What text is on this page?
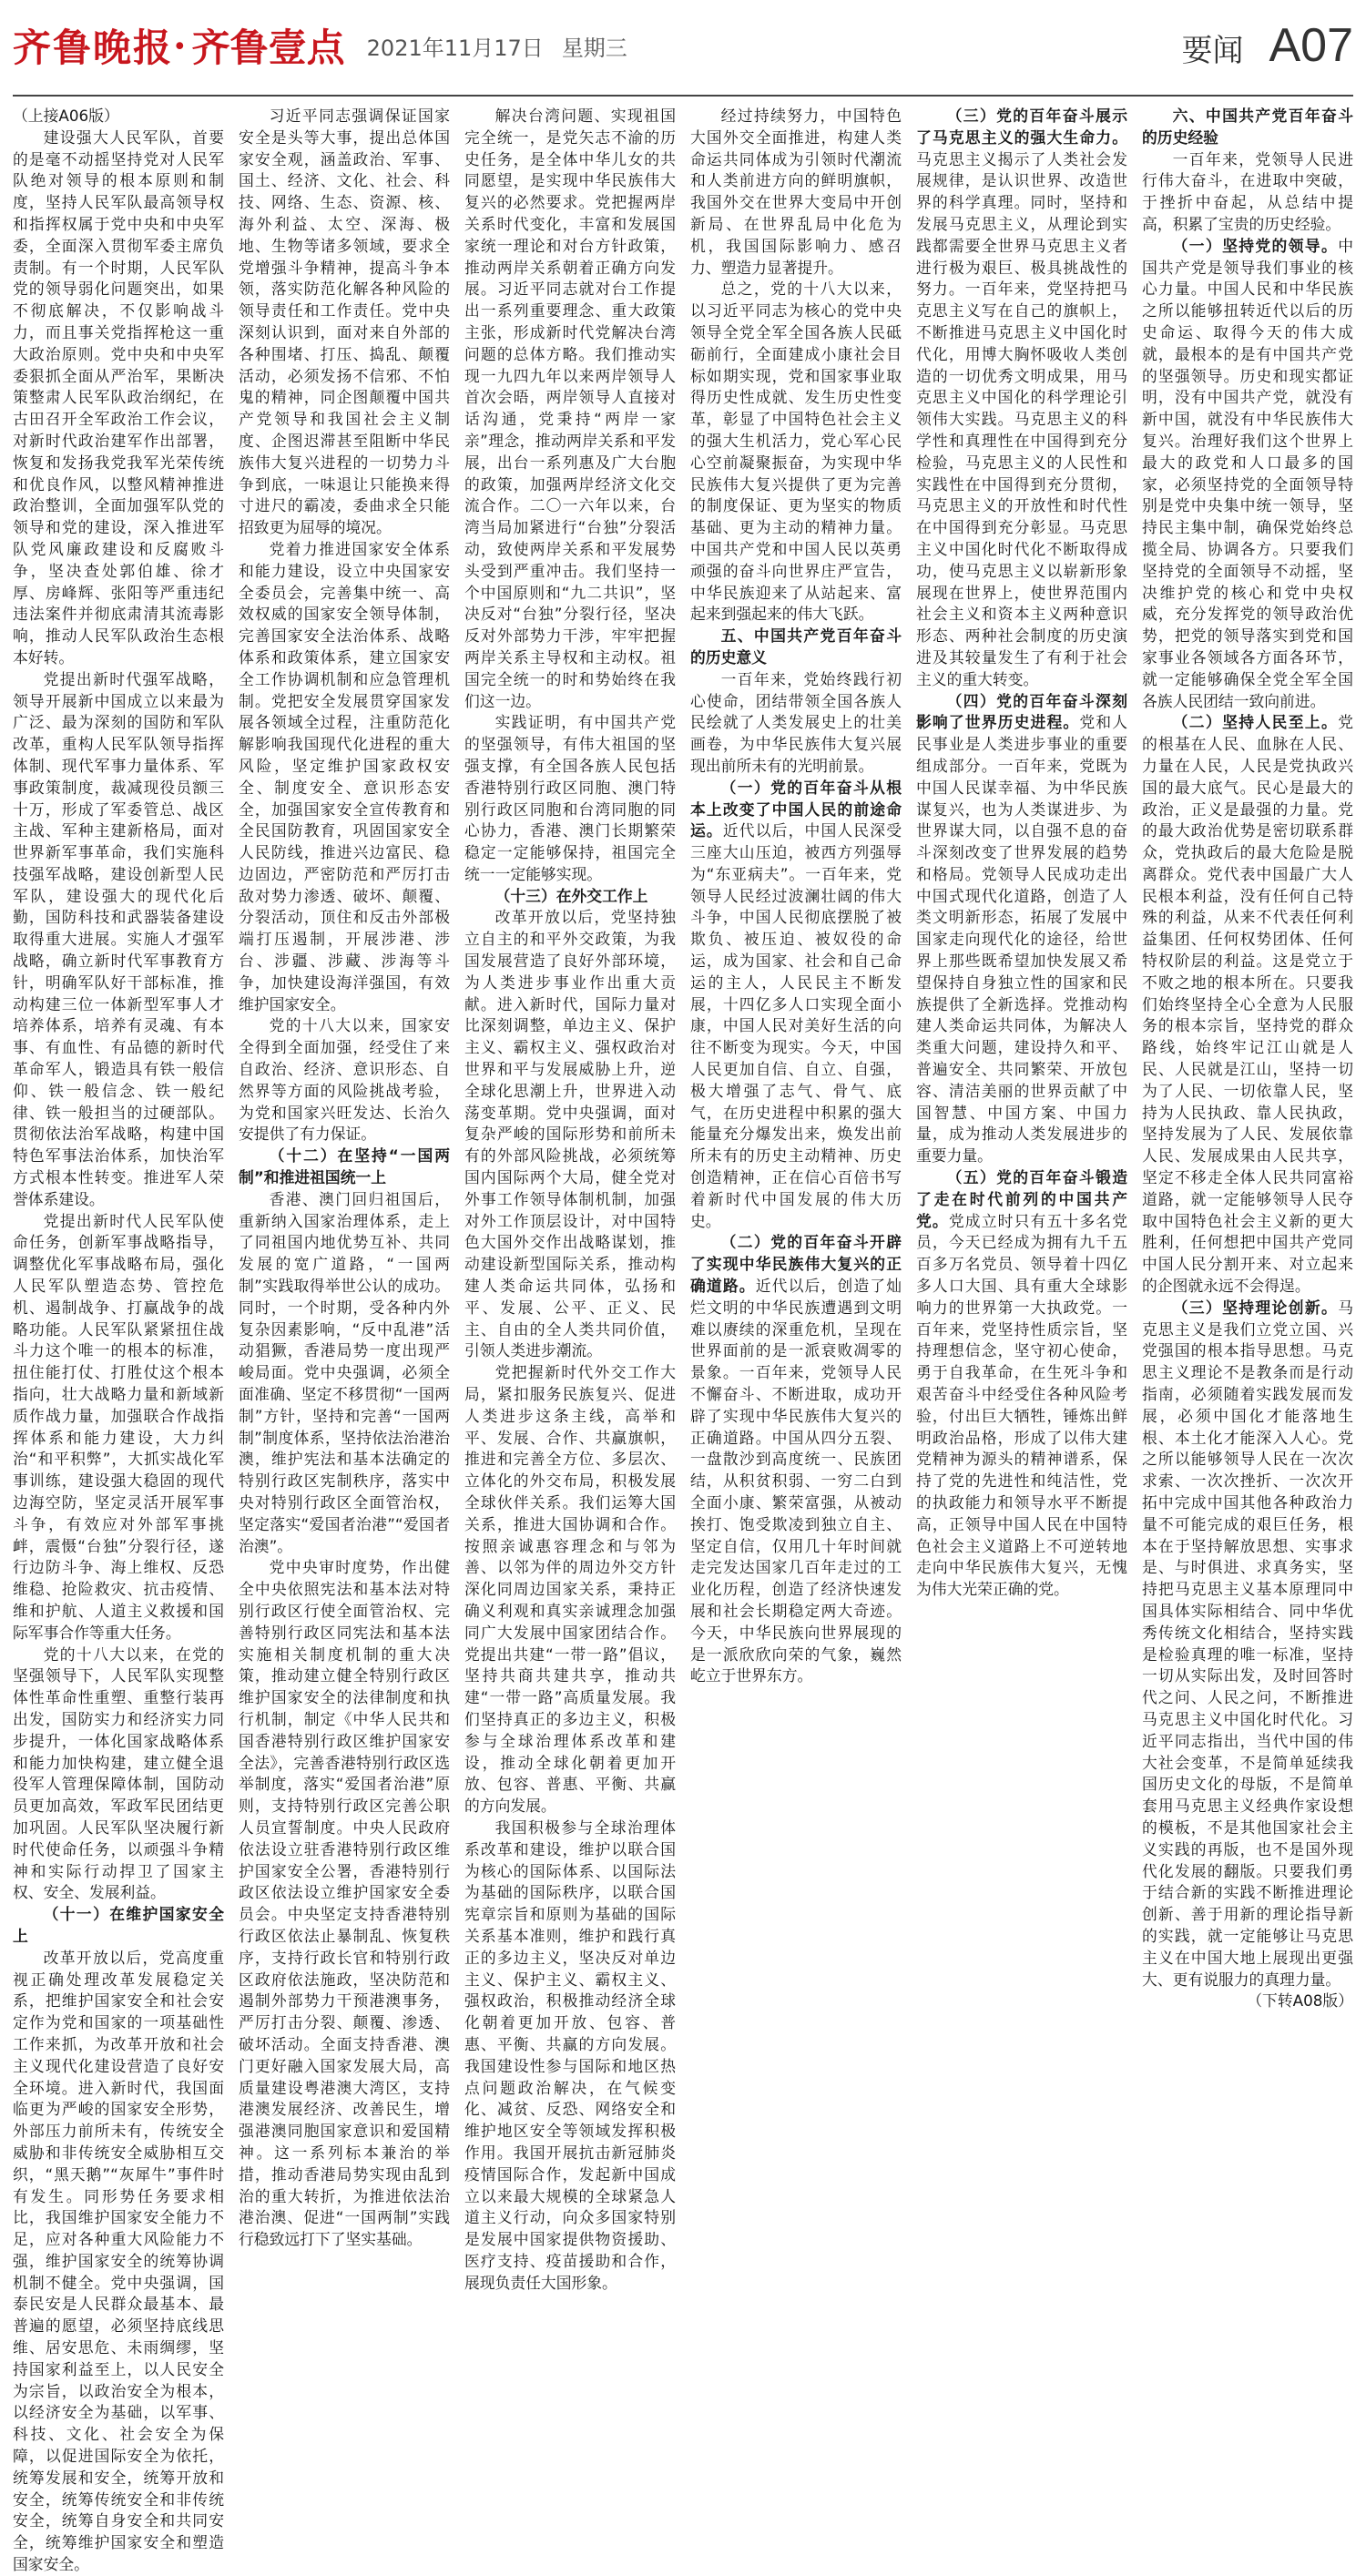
齐鲁晚报 · 齐鲁壹点 2021年11月17日 星期三	要闻 A07

（上接A06版）

建设强大人民军队，首要的是毫不动摇坚持党对人民军队绝对领导的根本原则和制度，坚持人民军队最高领导权和指挥权属于党中央和中央军委，全面深入贯彻军委主席负责制。有一个时期，人民军队党的领导弱化问题突出，如果不彻底解决，不仅影响战斗力，而且事关党指挥枪这一重大政治原则。党中央和中央军委狠抓全面从严治军，果断决策整肃人民军队政治纲纪，在古田召开全军政治工作会议，对新时代政治建军作出部署，恢复和发扬我党我军光荣传统和优良作风，以整风精神推进政治整训，全面加强军队党的领导和党的建设，深入推进军队党风廉政建设和反腐败斗争，坚决查处郭伯雄、徐才厚、房峰辉、张阳等严重违纪违法案件并彻底肃清其流毒影响，推动人民军队政治生态根本好转。

党提出新时代强军战略，领导开展新中国成立以来最为广泛、最为深刻的国防和军队改革，重构人民军队领导指挥体制、现代军事力量体系、军事政策制度，裁减现役员额三十万，形成了军委管总、战区主战、军种主建新格局，面对世界新军事革命，我们实施科技强军战略，建设创新型人民军队，建设强大的现代化后勤，国防科技和武器装备建设取得重大进展。实施人才强军战略，确立新时代军事教育方针，明确军队好干部标准，推动构建三位一体新型军事人才培养体系，培养有灵魂、有本事、有血性、有品德的新时代革命军人，锻造具有铁一般信仰、铁一般信念、铁一般纪律、铁一般担当的过硬部队。贯彻依法治军战略，构建中国特色军事法治体系，加快治军方式根本性转变。推进军人荣誉体系建设。

党提出新时代人民军队使命任务，创新军事战略指导，调整优化军事战略布局，强化人民军队塑造态势、管控危机、遏制战争、打赢战争的战略功能。人民军队紧紧扭住战斗力这个唯一的根本的标准，扭住能打仗、打胜仗这个根本指向，壮大战略力量和新域新质作战力量，加强联合作战指挥体系和能力建设，大力纠治“和平积弊”，大抓实战化军事训练，建设强大稳固的现代边海空防，坚定灵活开展军事斗争，有效应对外部军事挑衅，震慑“台独”分裂行径，遂行边防斗争、海上维权、反恐维稳、抢险救灾、抗击疫情、维和护航、人道主义救援和国际军事合作等重大任务。

党的十八大以来，在党的坚强领导下，人民军队实现整体性革命性重塑、重整行装再出发，国防实力和经济实力同步提升，一体化国家战略体系和能力加快构建，建立健全退役军人管理保障体制，国防动员更加高效，军政军民团结更加巩固。人民军队坚决履行新时代使命任务，以顽强斗争精神和实际行动捍卫了国家主权、安全、发展利益。

（十一）在维护国家安全上

改革开放以后，党高度重视正确处理改革发展稳定关系，把维护国家安全和社会安定作为党和国家的一项基础性工作来抓，为改革开放和社会主义现代化建设营造了良好安全环境。进入新时代，我国面临更为严峻的国家安全形势，外部压力前所未有，传统安全威胁和非传统安全威胁相互交织，“黑天鹅”“灰犀牛”事件时有发生。同形势任务要求相比，我国维护国家安全能力不足，应对各种重大风险能力不强，维护国家安全的统筹协调机制不健全。党中央强调，国泰民安是人民群众最基本、最普遍的愿望，必须坚持底线思维、居安思危、未雨绸缪，坚持国家利益至上，以人民安全为宗旨，以政治安全为根本，以经济安全为基础，以军事、科技、文化、社会安全为保障，以促进国际安全为依托，统筹发展和安全，统筹开放和安全，统筹传统安全和非传统安全，统筹自身安全和共同安全，统筹维护国家安全和塑造国家安全。

习近平同志强调保证国家安全是头等大事，提出总体国家安全观，涵盖政治、军事、国土、经济、文化、社会、科技、网络、生态、资源、核、海外利益、太空、深海、极地、生物等诸多领域，要求全党增强斗争精神，提高斗争本领，落实防范化解各种风险的领导责任和工作责任。党中央深刻认识到，面对来自外部的各种围堵、打压、捣乱、颠覆活动，必须发扬不信邪、不怕鬼的精神，同企图颠覆中国共产党领导和我国社会主义制度、企图迟滞甚至阻断中华民族伟大复兴进程的一切势力斗争到底，一味退让只能换来得寸进尺的霸凌，委曲求全只能招致更为屈辱的境况。

党着力推进国家安全体系和能力建设，设立中央国家安全委员会，完善集中统一、高效权威的国家安全领导体制，完善国家安全法治体系、战略体系和政策体系，建立国家安全工作协调机制和应急管理机制。党把安全发展贯穿国家发展各领域全过程，注重防范化解影响我国现代化进程的重大风险，坚定维护国家政权安全、制度安全、意识形态安全，加强国家安全宣传教育和全民国防教育，巩固国家安全人民防线，推进兴边富民、稳边固边，严密防范和严厉打击敌对势力渗透、破坏、颠覆、分裂活动，顶住和反击外部极端打压遏制，开展涉港、涉台、涉疆、涉藏、涉海等斗争，加快建设海洋强国，有效维护国家安全。

党的十八大以来，国家安全得到全面加强，经受住了来自政治、经济、意识形态、自然界等方面的风险挑战考验，为党和国家兴旺发达、长治久安提供了有力保证。

（十二）在坚持“一国两制”和推进祖国统一上

香港、澳门回归祖国后，重新纳入国家治理体系，走上了同祖国内地优势互补、共同发展的宽广道路，“一国两制”实践取得举世公认的成功。同时，一个时期，受各种内外复杂因素影响，“反中乱港”活动猖獗，香港局势一度出现严峻局面。党中央强调，必须全面准确、坚定不移贯彻“一国两制”方针，坚持和完善“一国两制”制度体系，坚持依法治港治澳，维护宪法和基本法确定的特别行政区宪制秩序，落实中央对特别行政区全面管治权，坚定落实“爱国者治港”“爱国者治澳”。

党中央审时度势，作出健全中央依照宪法和基本法对特别行政区行使全面管治权、完善特别行政区同宪法和基本法实施相关制度机制的重大决策，推动建立健全特别行政区维护国家安全的法律制度和执行机制，制定《中华人民共和国香港特别行政区维护国家安全法》，完善香港特别行政区选举制度，落实“爱国者治港”原则，支持特别行政区完善公职人员宣誓制度。中央人民政府依法设立驻香港特别行政区维护国家安全公署，香港特别行政区依法设立维护国家安全委员会。中央坚定支持香港特别行政区依法止暴制乱、恢复秩序，支持行政长官和特别行政区政府依法施政，坚决防范和遏制外部势力干预港澳事务，严厉打击分裂、颠覆、渗透、破坏活动。全面支持香港、澳门更好融入国家发展大局，高质量建设粤港澳大湾区，支持港澳发展经济、改善民生，增强港澳同胞国家意识和爱国精神。这一系列标本兼治的举措，推动香港局势实现由乱到治的重大转折，为推进依法治港治澳、促进“一国两制”实践行稳致远打下了坚实基础。

解决台湾问题、实现祖国完全统一，是党矢志不渝的历史任务，是全体中华儿女的共同愿望，是实现中华民族伟大复兴的必然要求。党把握两岸关系时代变化，丰富和发展国家统一理论和对台方针政策，推动两岸关系朝着正确方向发展。习近平同志就对台工作提出一系列重要理念、重大政策主张，形成新时代党解决台湾问题的总体方略。我们推动实现一九四九年以来两岸领导人首次会晤，两岸领导人直接对话沟通，党秉持“两岸一家亲”理念，推动两岸关系和平发展，出台一系列惠及广大台胞的政策，加强两岸经济文化交流合作。二〇一六年以来，台湾当局加紧进行“台独”分裂活动，致使两岸关系和平发展势头受到严重冲击。我们坚持一个中国原则和“九二共识”，坚决反对“台独”分裂行径，坚决反对外部势力干涉，牢牢把握两岸关系主导权和主动权。祖国完全统一的时和势始终在我们这一边。

实践证明，有中国共产党的坚强领导，有伟大祖国的坚强支撑，有全国各族人民包括香港特别行政区同胞、澳门特别行政区同胞和台湾同胞的同心协力，香港、澳门长期繁荣稳定一定能够保持，祖国完全统一一定能够实现。

（十三）在外交工作上

改革开放以后，党坚持独立自主的和平外交政策，为我国发展营造了良好外部环境，为人类进步事业作出重大贡献。进入新时代，国际力量对比深刻调整，单边主义、保护主义、霸权主义、强权政治对世界和平与发展威胁上升，逆全球化思潮上升，世界进入动荡变革期。党中央强调，面对复杂严峻的国际形势和前所未有的外部风险挑战，必须统筹国内国际两个大局，健全党对外事工作领导体制机制，加强对外工作顶层设计，对中国特色大国外交作出战略谋划，推动建设新型国际关系，推动构建人类命运共同体，弘扬和平、发展、公平、正义、民主、自由的全人类共同价值，引领人类进步潮流。

党把握新时代外交工作大局，紧扣服务民族复兴、促进人类进步这条主线，高举和平、发展、合作、共赢旗帜，推进和完善全方位、多层次、立体化的外交布局，积极发展全球伙伴关系。我们运筹大国关系，推进大国协调和合作。按照亲诚惠容理念和与邻为善、以邻为伴的周边外交方针深化同周边国家关系，秉持正确义利观和真实亲诚理念加强同广大发展中国家团结合作。党提出共建“一带一路”倡议，坚持共商共建共享，推动共建“一带一路”高质量发展。我们坚持真正的多边主义，积极参与全球治理体系改革和建设，推动全球化朝着更加开放、包容、普惠、平衡、共赢的方向发展。

我国积极参与全球治理体系改革和建设，维护以联合国为核心的国际体系、以国际法为基础的国际秩序，以联合国宪章宗旨和原则为基础的国际关系基本准则，维护和践行真正的多边主义，坚决反对单边主义、保护主义、霸权主义、强权政治，积极推动经济全球化朝着更加开放、包容、普惠、平衡、共赢的方向发展。我国建设性参与国际和地区热点问题政治解决，在气候变化、减贫、反恐、网络安全和维护地区安全等领域发挥积极作用。我国开展抗击新冠肺炎疫情国际合作，发起新中国成立以来最大规模的全球紧急人道主义行动，向众多国家特别是发展中国家提供物资援助、医疗支持、疫苗援助和合作，展现负责任大国形象。

经过持续努力，中国特色大国外交全面推进，构建人类命运共同体成为引领时代潮流和人类前进方向的鲜明旗帜，我国外交在世界大变局中开创新局、在世界乱局中化危为机，我国国际影响力、感召力、塑造力显著提升。

总之，党的十八大以来，以习近平同志为核心的党中央领导全党全军全国各族人民砥砺前行，全面建成小康社会目标如期实现，党和国家事业取得历史性成就、发生历史性变革，彰显了中国特色社会主义的强大生机活力，党心军心民心空前凝聚振奋，为实现中华民族伟大复兴提供了更为完善的制度保证、更为坚实的物质基础、更为主动的精神力量。中国共产党和中国人民以英勇顽强的奋斗向世界庄严宣告，中华民族迎来了从站起来、富起来到强起来的伟大飞跃。

五、中国共产党百年奋斗的历史意义

一百年来，党始终践行初心使命，团结带领全国各族人民绘就了人类发展史上的壮美画卷，为中华民族伟大复兴展现出前所未有的光明前景。

（一）党的百年奋斗从根本上改变了中国人民的前途命运。近代以后，中国人民深受三座大山压迫，被西方列强辱为“东亚病夫”。一百年来，党领导人民经过波澜壮阔的伟大斗争，中国人民彻底摆脱了被欺负、被压迫、被奴役的命运，成为国家、社会和自己命运的主人，人民民主不断发展，十四亿多人口实现全面小康，中国人民对美好生活的向往不断变为现实。今天，中国人民更加自信、自立、自强，极大增强了志气、骨气、底气，在历史进程中积累的强大能量充分爆发出来，焕发出前所未有的历史主动精神、历史创造精神，正在信心百倍书写着新时代中国发展的伟大历史。

（二）党的百年奋斗开辟了实现中华民族伟大复兴的正确道路。近代以后，创造了灿烂文明的中华民族遭遇到文明难以赓续的深重危机，呈现在世界面前的是一派衰败凋零的景象。一百年来，党领导人民不懈奋斗、不断进取，成功开辟了实现中华民族伟大复兴的正确道路。中国从四分五裂、一盘散沙到高度统一、民族团结，从积贫积弱、一穷二白到全面小康、繁荣富强，从被动挨打、饱受欺凌到独立自主、坚定自信，仅用几十年时间就走完发达国家几百年走过的工业化历程，创造了经济快速发展和社会长期稳定两大奇迹。今天，中华民族向世界展现的是一派欣欣向荣的气象，巍然屹立于世界东方。

（三）党的百年奋斗展示了马克思主义的强大生命力。马克思主义揭示了人类社会发展规律，是认识世界、改造世界的科学真理。同时，坚持和发展马克思主义，从理论到实践都需要全世界马克思主义者进行极为艰巨、极具挑战性的努力。一百年来，党坚持把马克思主义写在自己的旗帜上，不断推进马克思主义中国化时代化，用博大胸怀吸收人类创造的一切优秀文明成果，用马克思主义中国化的科学理论引领伟大实践。马克思主义的科学性和真理性在中国得到充分检验，马克思主义的人民性和实践性在中国得到充分贯彻，马克思主义的开放性和时代性在中国得到充分彰显。马克思主义中国化时代化不断取得成功，使马克思主义以崭新形象展现在世界上，使世界范围内社会主义和资本主义两种意识形态、两种社会制度的历史演进及其较量发生了有利于社会主义的重大转变。

（四）党的百年奋斗深刻影响了世界历史进程。党和人民事业是人类进步事业的重要组成部分。一百年来，党既为中国人民谋幸福、为中华民族谋复兴，也为人类谋进步、为世界谋大同，以自强不息的奋斗深刻改变了世界发展的趋势和格局。党领导人民成功走出中国式现代化道路，创造了人类文明新形态，拓展了发展中国家走向现代化的途径，给世界上那些既希望加快发展又希望保持自身独立性的国家和民族提供了全新选择。党推动构建人类命运共同体，为解决人类重大问题，建设持久和平、普遍安全、共同繁荣、开放包容、清洁美丽的世界贡献了中国智慧、中国方案、中国力量，成为推动人类发展进步的重要力量。

（五）党的百年奋斗锻造了走在时代前列的中国共产党。党成立时只有五十多名党员，今天已经成为拥有九千五百多万名党员、领导着十四亿多人口大国、具有重大全球影响力的世界第一大执政党。一百年来，党坚持性质宗旨，坚持理想信念，坚守初心使命，勇于自我革命，在生死斗争和艰苦奋斗中经受住各种风险考验，付出巨大牺牲，锤炼出鲜明政治品格，形成了以伟大建党精神为源头的精神谱系，保持了党的先进性和纯洁性，党的执政能力和领导水平不断提高，正领导中国人民在中国特色社会主义道路上不可逆转地走向中华民族伟大复兴，无愧为伟大光荣正确的党。

六、中国共产党百年奋斗的历史经验

一百年来，党领导人民进行伟大奋斗，在进取中突破，于挫折中奋起，从总结中提高，积累了宝贵的历史经验。

（一）坚持党的领导。中国共产党是领导我们事业的核心力量。中国人民和中华民族之所以能够扭转近代以后的历史命运、取得今天的伟大成就，最根本的是有中国共产党的坚强领导。历史和现实都证明，没有中国共产党，就没有新中国，就没有中华民族伟大复兴。治理好我们这个世界上最大的政党和人口最多的国家，必须坚持党的全面领导特别是党中央集中统一领导，坚持民主集中制，确保党始终总揽全局、协调各方。只要我们坚持党的全面领导不动摇，坚决维护党的核心和党中央权威，充分发挥党的领导政治优势，把党的领导落实到党和国家事业各领域各方面各环节，就一定能够确保全党全军全国各族人民团结一致向前进。

（二）坚持人民至上。党的根基在人民、血脉在人民、力量在人民，人民是党执政兴国的最大底气。民心是最大的政治，正义是最强的力量。党的最大政治优势是密切联系群众，党执政后的最大危险是脱离群众。党代表中国最广大人民根本利益，没有任何自己特殊的利益，从来不代表任何利益集团、任何权势团体、任何特权阶层的利益。这是党立于不败之地的根本所在。只要我们始终坚持全心全意为人民服务的根本宗旨，坚持党的群众路线，始终牢记江山就是人民、人民就是江山，坚持一切为了人民、一切依靠人民，坚持为人民执政、靠人民执政，坚持发展为了人民、发展依靠人民、发展成果由人民共享，坚定不移走全体人民共同富裕道路，就一定能够领导人民夺取中国特色社会主义新的更大胜利，任何想把中国共产党同中国人民分割开来、对立起来的企图就永远不会得逞。

（三）坚持理论创新。马克思主义是我们立党立国、兴党强国的根本指导思想。马克思主义理论不是教条而是行动指南，必须随着实践发展而发展，必须中国化才能落地生根、本土化才能深入人心。党之所以能够领导人民在一次次求索、一次次挫折、一次次开拓中完成中国其他各种政治力量不可能完成的艰巨任务，根本在于坚持解放思想、实事求是、与时俱进、求真务实，坚持把马克思主义基本原理同中国具体实际相结合、同中华优秀传统文化相结合，坚持实践是检验真理的唯一标准，坚持一切从实际出发，及时回答时代之问、人民之问，不断推进马克思主义中国化时代化。习近平同志指出，当代中国的伟大社会变革，不是简单延续我国历史文化的母版，不是简单套用马克思主义经典作家设想的模板，不是其他国家社会主义实践的再版，也不是国外现代化发展的翻版。只要我们勇于结合新的实践不断推进理论创新、善于用新的理论指导新的实践，就一定能够让马克思主义在中国大地上展现出更强大、更有说服力的真理力量。

（下转A08版）
